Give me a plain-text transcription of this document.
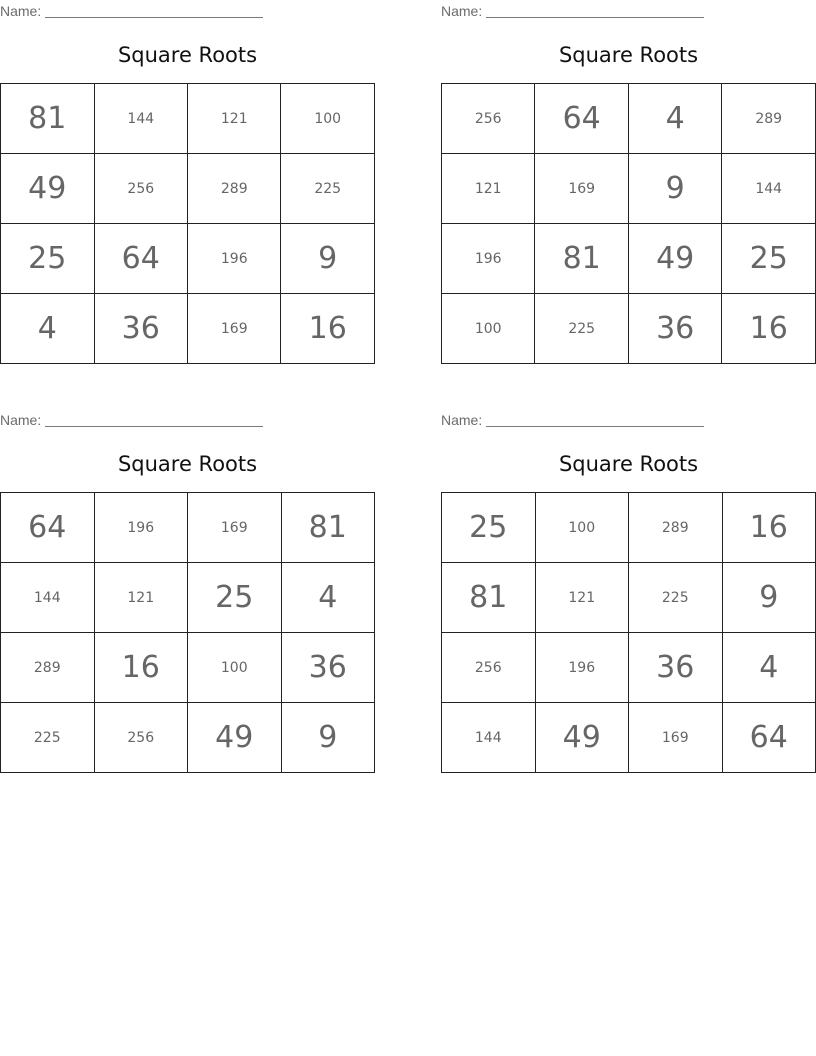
Name:
Square Roots
81	144	121	100
49	256	289	225
25	64	196	9
4	36	169	16
Name:
Square Roots
256	64	4	289
121	169	9	144
196	81	49	25
100	225	36	16
Name:
Square Roots
64	196	169	81
144	121	25	4
289	16	100	36
225	256	49	9
Name:
Square Roots
25	100	289	16
81	121	225	9
256	196	36	4
144	49	169	64
